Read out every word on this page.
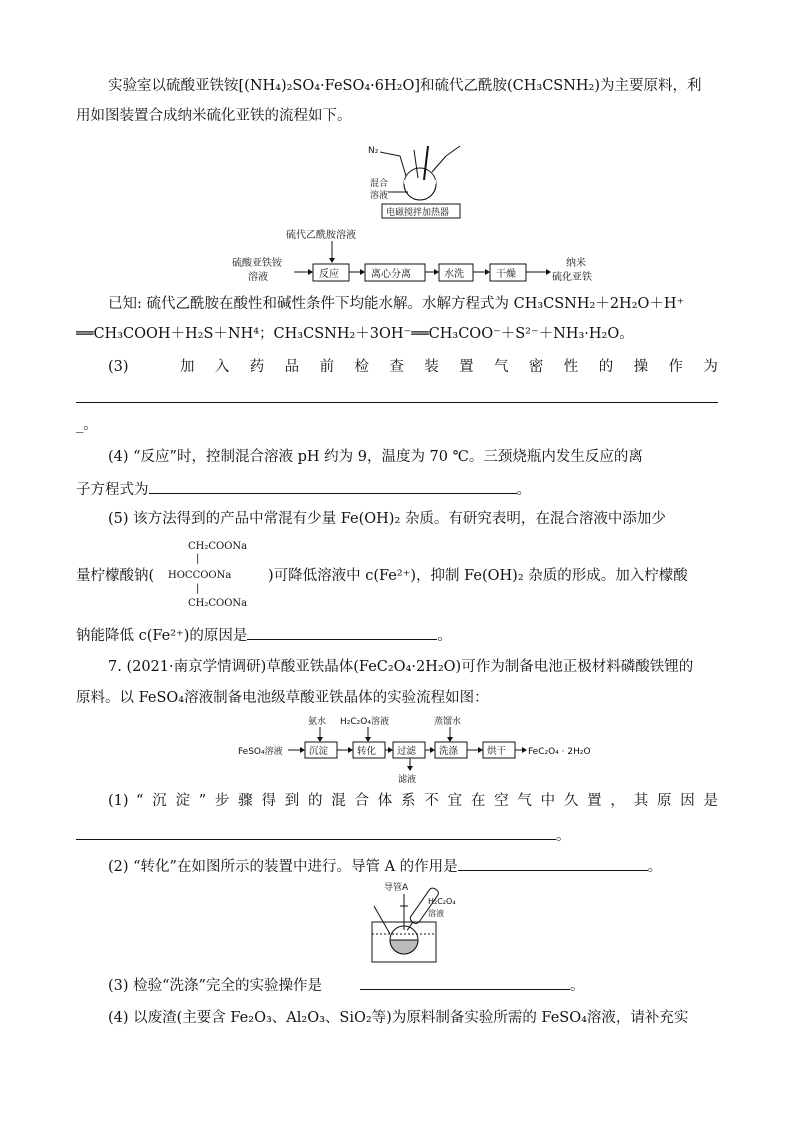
实验室以硫酸亚铁铵[(NH₄)₂SO₄·FeSO₄·6H₂O]和硫代乙酰胺(CH₃CSNH₂)为主要原料，利
用如图装置合成纳米硫化亚铁的流程如下。
N₂
混合
溶液
电磁搅拌加热器
硫代乙酰胺溶液
硫酸亚铁铵
溶液	反应	离心分离	水洗	干燥
纳米
硫化亚铁
已知: 硫代乙酰胺在酸性和碱性条件下均能水解。水解方程式为 CH₃CSNH₂＋2H₂O＋H⁺
══CH₃COOH＋H₂S＋NH⁴；CH₃CSNH₂＋3OH⁻══CH₃COO⁻＋S²⁻＋NH₃·H₂O。
(3)	加 入 药 品 前 检 查 装 置 气 密 性 的 操 作 为
_。
(4) “反应”时，控制混合溶液 pH 约为 9，温度为 70 ℃。三颈烧瓶内发生反应的离
子方程式为	。
(5) 该方法得到的产品中常混有少量 Fe(OH)₂ 杂质。有研究表明，在混合溶液中添加少
CH₂COONa
|
量柠檬酸钠( HOCCOONa	)可降低溶液中 c(Fe²⁺)，抑制 Fe(OH)₂ 杂质的形成。加入柠檬酸
|
CH₂COONa
钠能降低 c(Fe²⁺)的原因是	。
7. (2021·南京学情调研)草酸亚铁晶体(FeC₂O₄·2H₂O)可作为制备电池正极材料磷酸铁锂的
原料。以 FeSO₄溶液制备电池级草酸亚铁晶体的实验流程如图：
氨水 H₂C₂O₄溶液	蒸馏水
FeSO₄溶液	沉淀	转化 过滤
滤液
洗涤	烘干 FeC₂O₄ · 2H₂O
(1) “ 沉 淀 ” 步 骤 得 到 的 混 合 体 系 不 宜 在 空 气 中 久 置 ， 其 原 因 是
。
(2) “转化”在如图所示的装置中进行。导管 A 的作用是	。
导管A
H₂C₂O₄
溶液
(3) 检验“洗涤”完全的实验操作是	。
(4) 以废渣(主要含 Fe₂O₃、Al₂O₃、SiO₂等)为原料制备实验所需的 FeSO₄溶液，请补充实
